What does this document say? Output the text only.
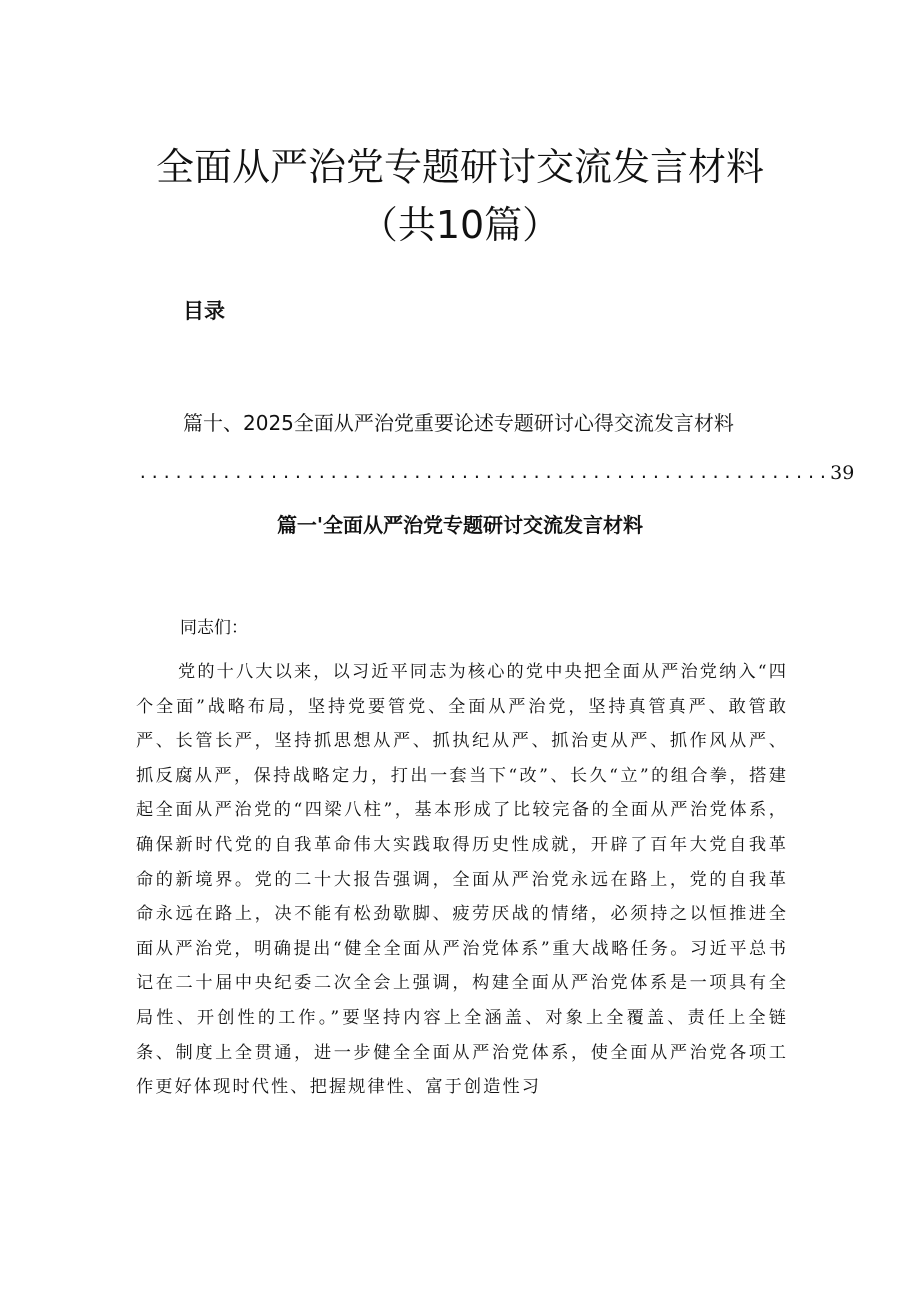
全面从严治党专题研讨交流发言材料（共10篇）
目录
篇十、2025全面从严治党重要论述专题研讨心得交流发言材料
.......................................................... 39
篇一'全面从严治党专题研讨交流发言材料
同志们：

党的十八大以来，以习近平同志为核心的党中央把全面从严治党纳入“四个全面”战略布局，坚持党要管党、全面从严治党，坚持真管真严、敢管敢严、长管长严，坚持抓思想从严、抓执纪从严、抓治吏从严、抓作风从严、抓反腐从严，保持战略定力，打出一套当下“改”、长久“立”的组合拳，搭建起全面从严治党的“四梁八柱”，基本形成了比较完备的全面从严治党体系，确保新时代党的自我革命伟大实践取得历史性成就，开辟了百年大党自我革命的新境界。党的二十大报告强调，全面从严治党永远在路上，党的自我革命永远在路上，决不能有松劲歇脚、疲劳厌战的情绪，必须持之以恒推进全面从严治党，明确提出“健全全面从严治党体系”重大战略任务。习近平总书记在二十届中央纪委二次全会上强调，构建全面从严治党体系是一项具有全局性、开创性的工作。”要坚持内容上全涵盖、对象上全覆盖、责任上全链条、制度上全贯通，进一步健全全面从严治党体系，使全面从严治党各项工作更好体现时代性、把握规律性、富于创造性习
